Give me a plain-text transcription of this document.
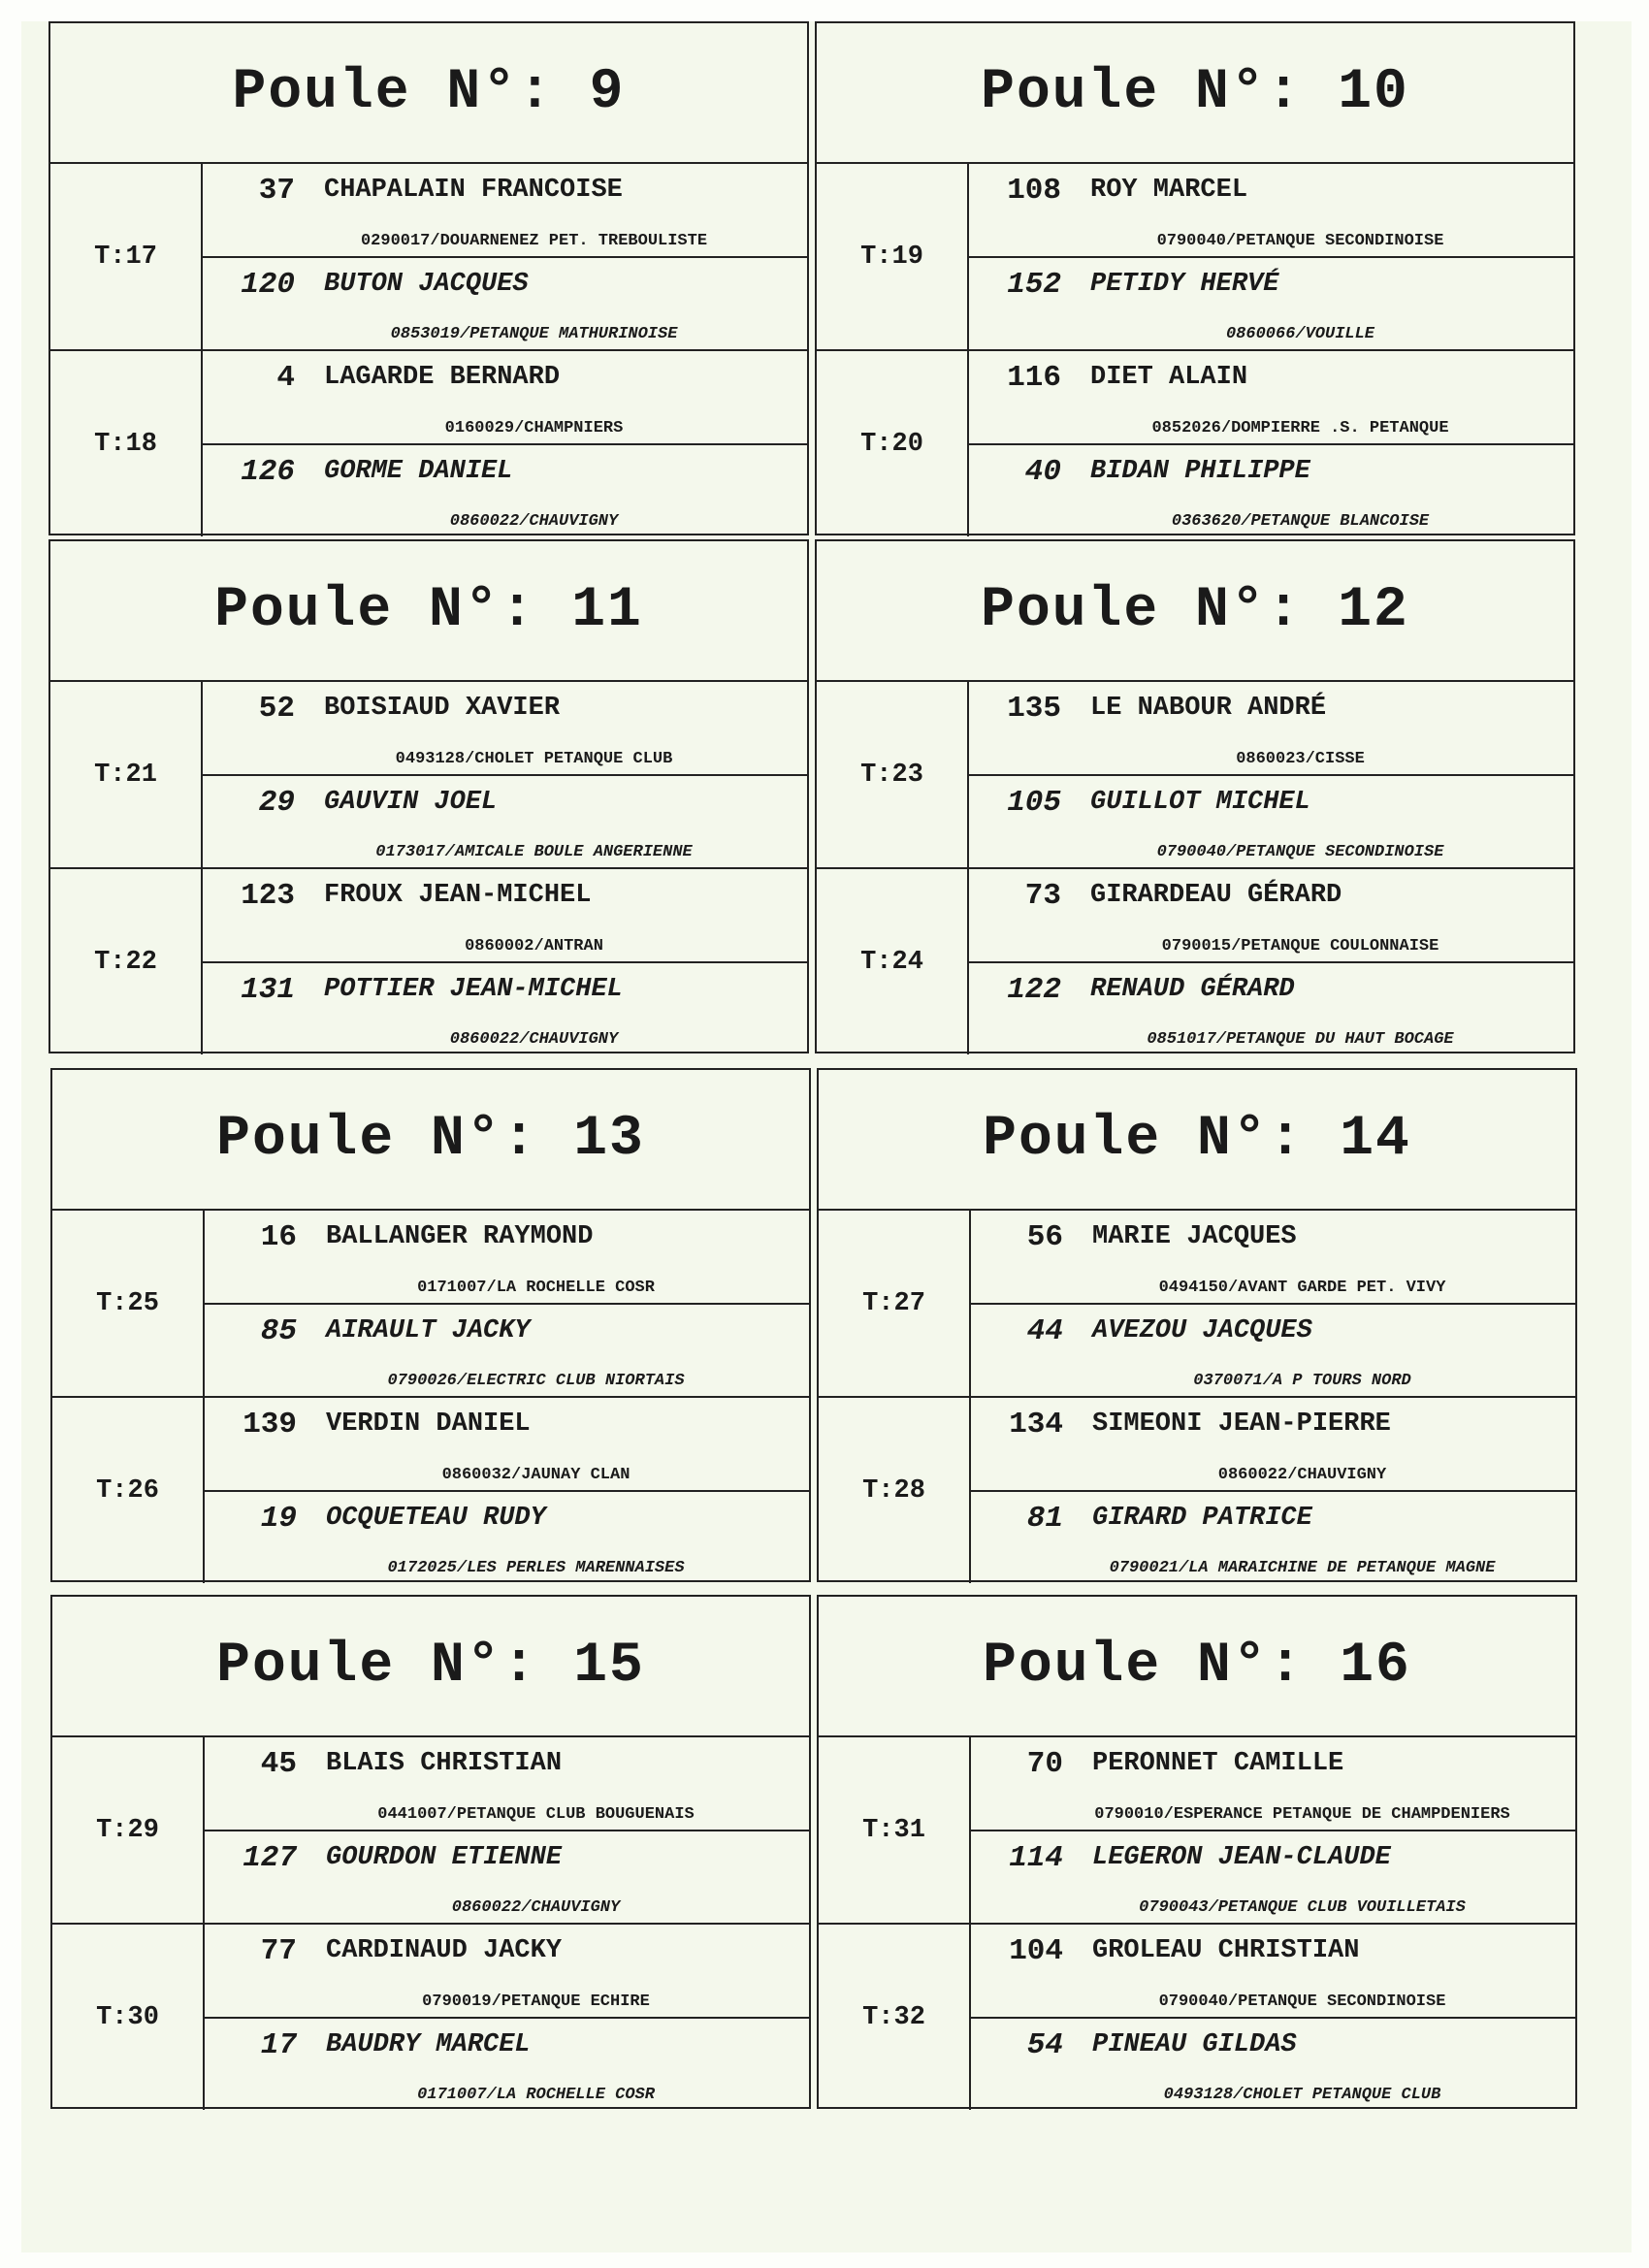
Poule N°:
9
T:17
37 CHAPALAIN FRANCOISE
0290017/DOUARNENEZ PET. TREBOULISTE
120 BUTON JACQUES
0853019/PETANQUE MATHURINOISE
T:18
4 LAGARDE BERNARD
0160029/CHAMPNIERS
126 GORME DANIEL
0860022/CHAUVIGNY
Poule N°:
10
T:19
108 ROY MARCEL
0790040/PETANQUE SECONDINOISE
152 PETIDY HERVÉ
0860066/VOUILLE
T:20
116 DIET ALAIN
0852026/DOMPIERRE .S. PETANQUE
40 BIDAN PHILIPPE
0363620/PETANQUE BLANCOISE
Poule N°:
11
T:21
52 BOISIAUD XAVIER
0493128/CHOLET PETANQUE CLUB
29 GAUVIN JOEL
0173017/AMICALE BOULE ANGERIENNE
T:22
123 FROUX JEAN-MICHEL
0860002/ANTRAN
131 POTTIER JEAN-MICHEL
0860022/CHAUVIGNY
Poule N°:
12
T:23
135 LE NABOUR ANDRÉ
0860023/CISSE
105 GUILLOT MICHEL
0790040/PETANQUE SECONDINOISE
T:24
73 GIRARDEAU GÉRARD
0790015/PETANQUE COULONNAISE
122 RENAUD GÉRARD
0851017/PETANQUE DU HAUT BOCAGE
Poule N°:
13
T:25
16 BALLANGER RAYMOND
0171007/LA ROCHELLE COSR
85 AIRAULT JACKY
0790026/ELECTRIC CLUB NIORTAIS
T:26
139 VERDIN DANIEL
0860032/JAUNAY CLAN
19 OCQUETEAU RUDY
0172025/LES PERLES MARENNAISES
Poule N°:
14
T:27
56 MARIE JACQUES
0494150/AVANT GARDE PET. VIVY
44 AVEZOU JACQUES
0370071/A P TOURS NORD
T:28
134 SIMEONI JEAN-PIERRE
0860022/CHAUVIGNY
81 GIRARD PATRICE
0790021/LA MARAICHINE DE PETANQUE MAGNE
Poule N°:
15
T:29
45 BLAIS CHRISTIAN
0441007/PETANQUE CLUB BOUGUENAIS
127 GOURDON ETIENNE
0860022/CHAUVIGNY
T:30
77 CARDINAUD JACKY
0790019/PETANQUE ECHIRE
17 BAUDRY MARCEL
0171007/LA ROCHELLE COSR
Poule N°:
16
T:31
70 PERONNET CAMILLE
0790010/ESPERANCE PETANQUE DE CHAMPDENIERS
114 LEGERON JEAN-CLAUDE
0790043/PETANQUE CLUB VOUILLETAIS
T:32
104 GROLEAU CHRISTIAN
0790040/PETANQUE SECONDINOISE
54 PINEAU GILDAS
0493128/CHOLET PETANQUE CLUB
